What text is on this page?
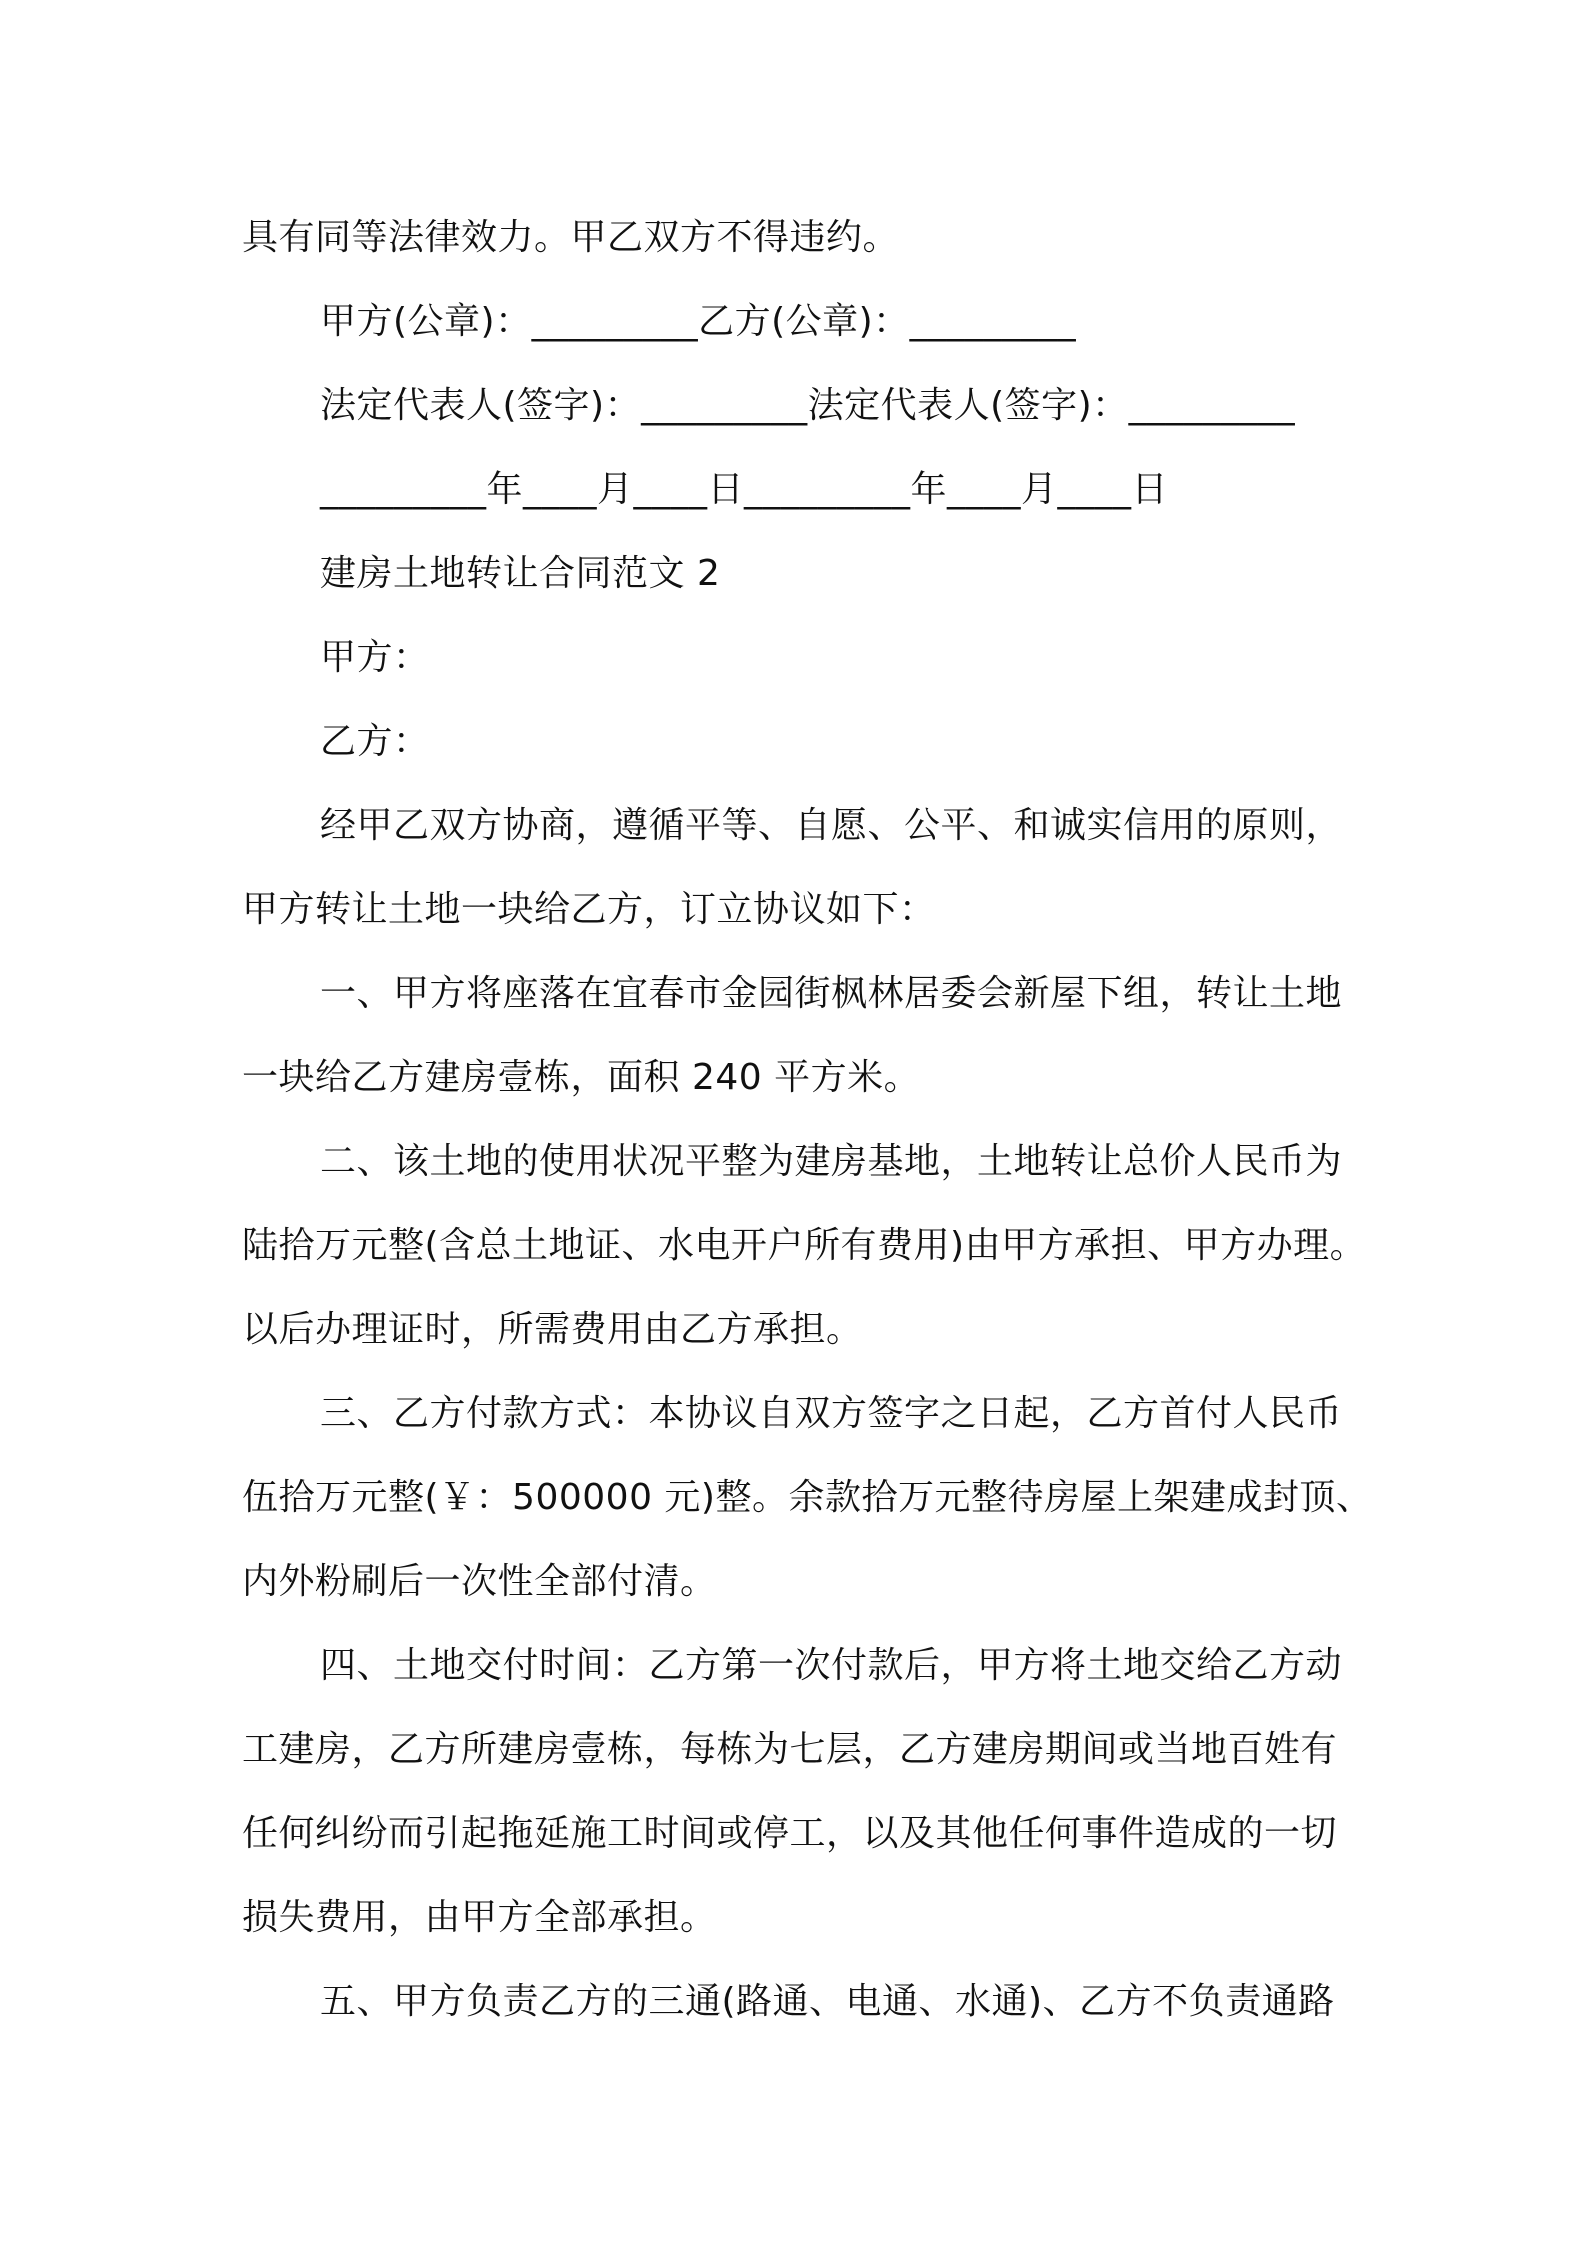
具有同等法律效力。甲乙双方不得违约。
甲方(公章)：_________乙方(公章)：_________
法定代表人(签字)：_________法定代表人(签字)：_________
_________年____月____日_________年____月____日
建房土地转让合同范文 2
甲方：
乙方：
经甲乙双方协商，遵循平等、自愿、公平、和诚实信用的原则，
甲方转让土地一块给乙方，订立协议如下：
一、甲方将座落在宜春市金园街枫林居委会新屋下组，转让土地
一块给乙方建房壹栋，面积 240 平方米。
二、该土地的使用状况平整为建房基地，土地转让总价人民币为
陆拾万元整(含总土地证、水电开户所有费用)由甲方承担、甲方办理。
以后办理证时，所需费用由乙方承担。
三、乙方付款方式：本协议自双方签字之日起，乙方首付人民币
伍拾万元整(￥：500000 元)整。余款拾万元整待房屋上架建成封顶、
内外粉刷后一次性全部付清。
四、土地交付时间：乙方第一次付款后，甲方将土地交给乙方动
工建房，乙方所建房壹栋，每栋为七层，乙方建房期间或当地百姓有
任何纠纷而引起拖延施工时间或停工，以及其他任何事件造成的一切
损失费用，由甲方全部承担。
五、甲方负责乙方的三通(路通、电通、水通)、乙方不负责通路
